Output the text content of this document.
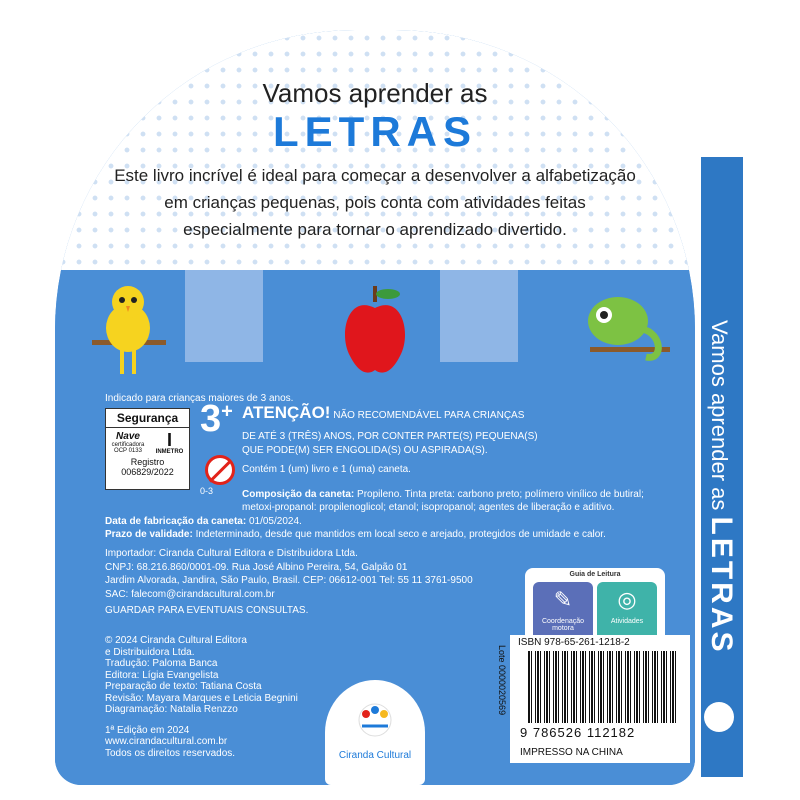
Vamos aprender as LETRAS
Vamos aprender as
LETRAS
Este livro incrível é ideal para começar a desenvolver a alfabetização
em crianças pequenas, pois conta com atividades feitas
especialmente para tornar o aprendizado divertido.
Indicado para crianças maiores de 3 anos.
Segurança
Nave
certificadora
OCP 0133
I
INMETRO
Registro
006829/2022
3+
0-3
ATENÇÃO! NÃO RECOMENDÁVEL PARA CRIANÇAS
DE ATÉ 3 (TRÊS) ANOS, POR CONTER PARTE(S) PEQUENA(S)
QUE PODE(M) SER ENGOLIDA(S) OU ASPIRADA(S).
Contém 1 (um) livro e 1 (uma) caneta.
Composição da caneta: Propileno. Tinta preta: carbono preto; polímero vinílico de butiral;
metoxi-propanol: propilenoglicol; etanol; isopropanol; agentes de liberação e aditivo.
Data de fabricação da caneta: 01/05/2024.
Prazo de validade: Indeterminado, desde que mantidos em local seco e arejado, protegidos de umidade e calor.
Importador: Ciranda Cultural Editora e Distribuidora Ltda.
CNPJ: 68.216.860/0001-09. Rua José Albino Pereira, 54, Galpão 01
Jardim Alvorada, Jandira, São Paulo, Brasil. CEP: 06612-001 Tel: 55 11 3761-9500
SAC: falecom@cirandacultural.com.br
GUARDAR PARA EVENTUAIS CONSULTAS.
© 2024 Ciranda Cultural Editora
e Distribuidora Ltda.
Tradução: Paloma Banca
Editora: Lígia Evangelista
Preparação de texto: Tatiana Costa
Revisão: Mayara Marques e Leticia Begnini
Diagramação: Natalia Renzzo
1ª Edição em 2024
www.cirandacultural.com.br
Todos os direitos reservados.	Ciranda Cultural
Guia de Leitura
✎
Coordenação motora
◎
Atividades
ISBN 978-65-261-1218-2
Lote 0000020569
9 786526 112182
IMPRESSO NA CHINA
